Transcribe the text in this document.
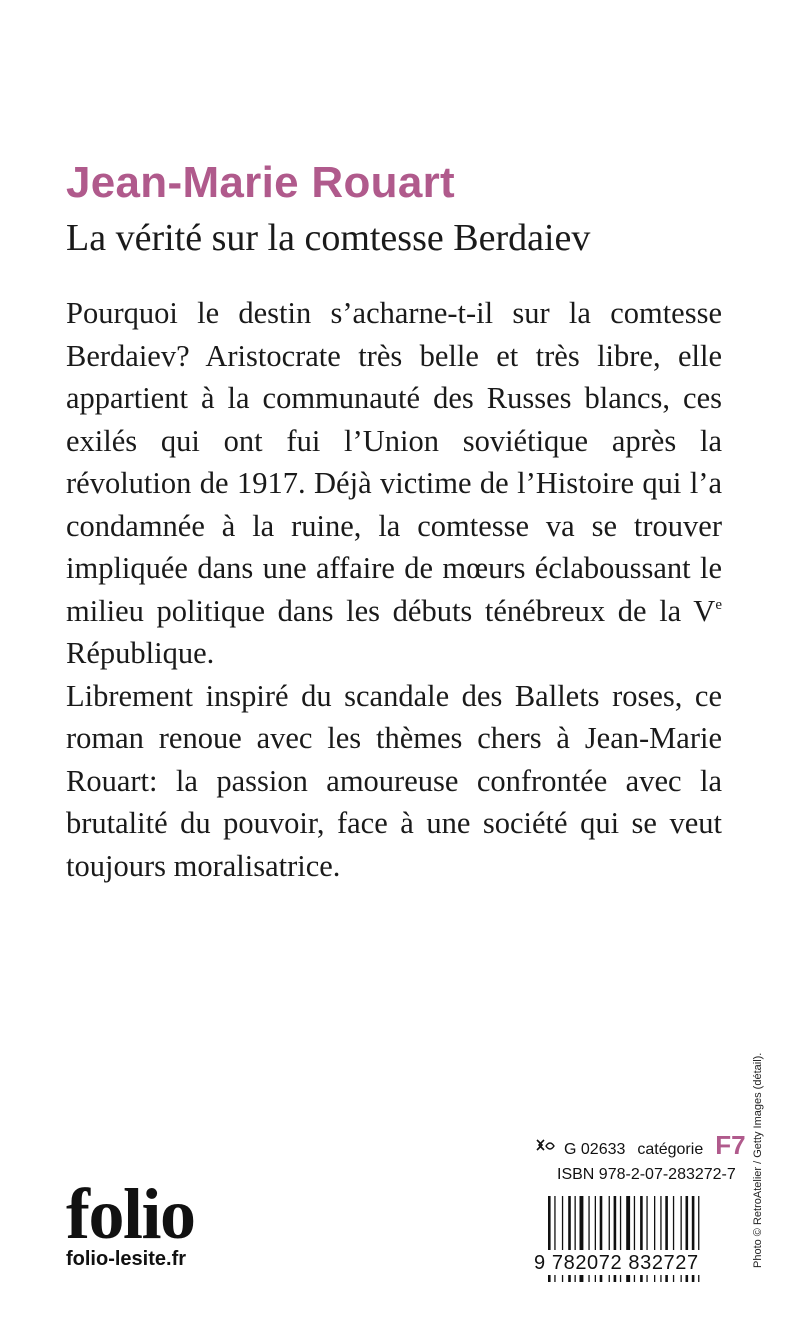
Jean-Marie Rouart
La vérité sur la comtesse Berdaiev

Pourquoi le destin s’acharne-t-il sur la comtesse Berdaiev? Aristocrate très belle et très libre, elle appartient à la communauté des Russes blancs, ces exilés qui ont fui l’Union soviétique après la révolution de 1917. Déjà victime de l’Histoire qui l’a condamnée à la ruine, la comtesse va se trouver impliquée dans une affaire de mœurs éclaboussant le milieu politique dans les débuts ténébreux de la Ve République.

Librement inspiré du scandale des Ballets roses, ce roman renoue avec les thèmes chers à Jean-Marie Rouart: la passion amoureuse confrontée avec la brutalité du pouvoir, face à une société qui se veut toujours moralisatrice.

folio
folio-lesite.fr
G 02633 catégorie F7
ISBN 978-2-07-283272-7
9 782072 832727	Photo © RetroAtelier / Getty Images (détail).
